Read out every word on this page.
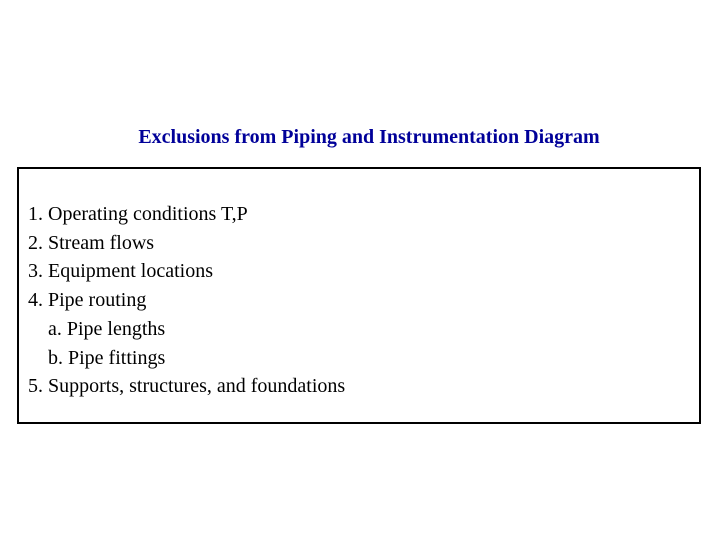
Exclusions from Piping and Instrumentation Diagram
1. Operating conditions T,P
2. Stream flows
3. Equipment locations
4. Pipe routing
a. Pipe lengths
b. Pipe fittings
5. Supports, structures, and foundations
